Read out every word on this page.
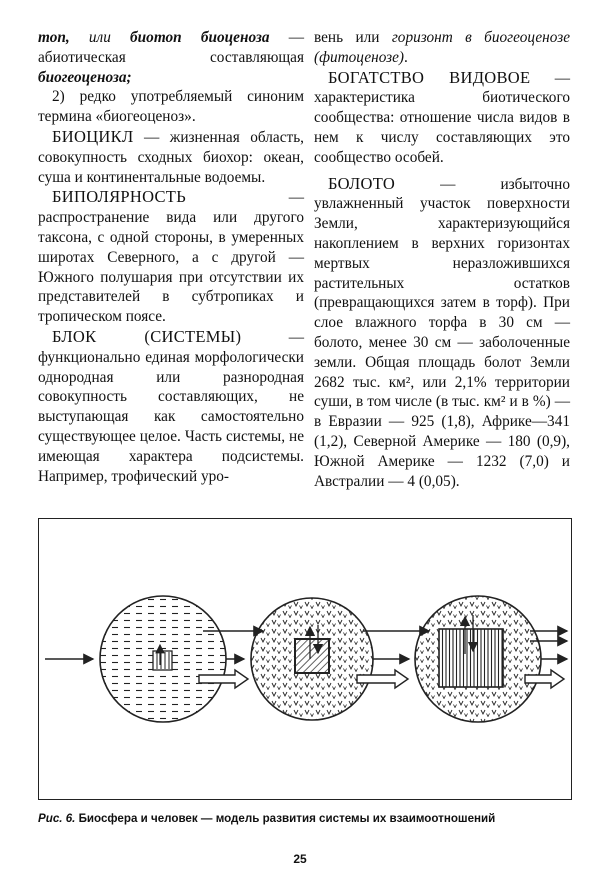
топ, или биотоп биоценоза — абиотическая составляющая биогеоценоза;

2) редко употребляемый синоним термина «биогеоценоз».

БИОЦИКЛ — жизненная область, совокупность сходных биохор: океан, суша и континентальные водоемы.

БИПОЛЯРНОСТЬ — распространение вида или другого таксона, с одной стороны, в умеренных широтах Северного, а с другой — Южного полушария при отсутствии их представителей в субтропиках и тропическом поясе.

БЛОК (СИСТЕМЫ) — функционально единая морфологически однородная или разнородная совокупность составляющих, не выступающая как самостоятельно существующее целое. Часть системы, не имеющая характера подсистемы. Например, трофический уро-

вень или горизонт в биогеоценозе (фитоценозе).

БОГАТСТВО ВИДОВОЕ — характеристика биотического сообщества: отношение числа видов в нем к числу составляющих это сообщество особей.

БОЛОТО — избыточно увлажненный участок поверхности Земли, характеризующийся накоплением в верхних горизонтах мертвых неразложившихся растительных остатков (превращающихся затем в торф). При слое влажного торфа в 30 см — болото, менее 30 см — заболоченные земли. Общая площадь болот Земли 2682 тыс. км², или 2,1% территории суши, в том числе (в тыс. км² и в %) — в Евразии — 925 (1,8), Африке—341 (1,2), Северной Америке — 180 (0,9), Южной Америке — 1232 (7,0) и Австралии — 4 (0,05).

Рис. 6. Биосфера и человек — модель развития системы их взаимоотношений
25
